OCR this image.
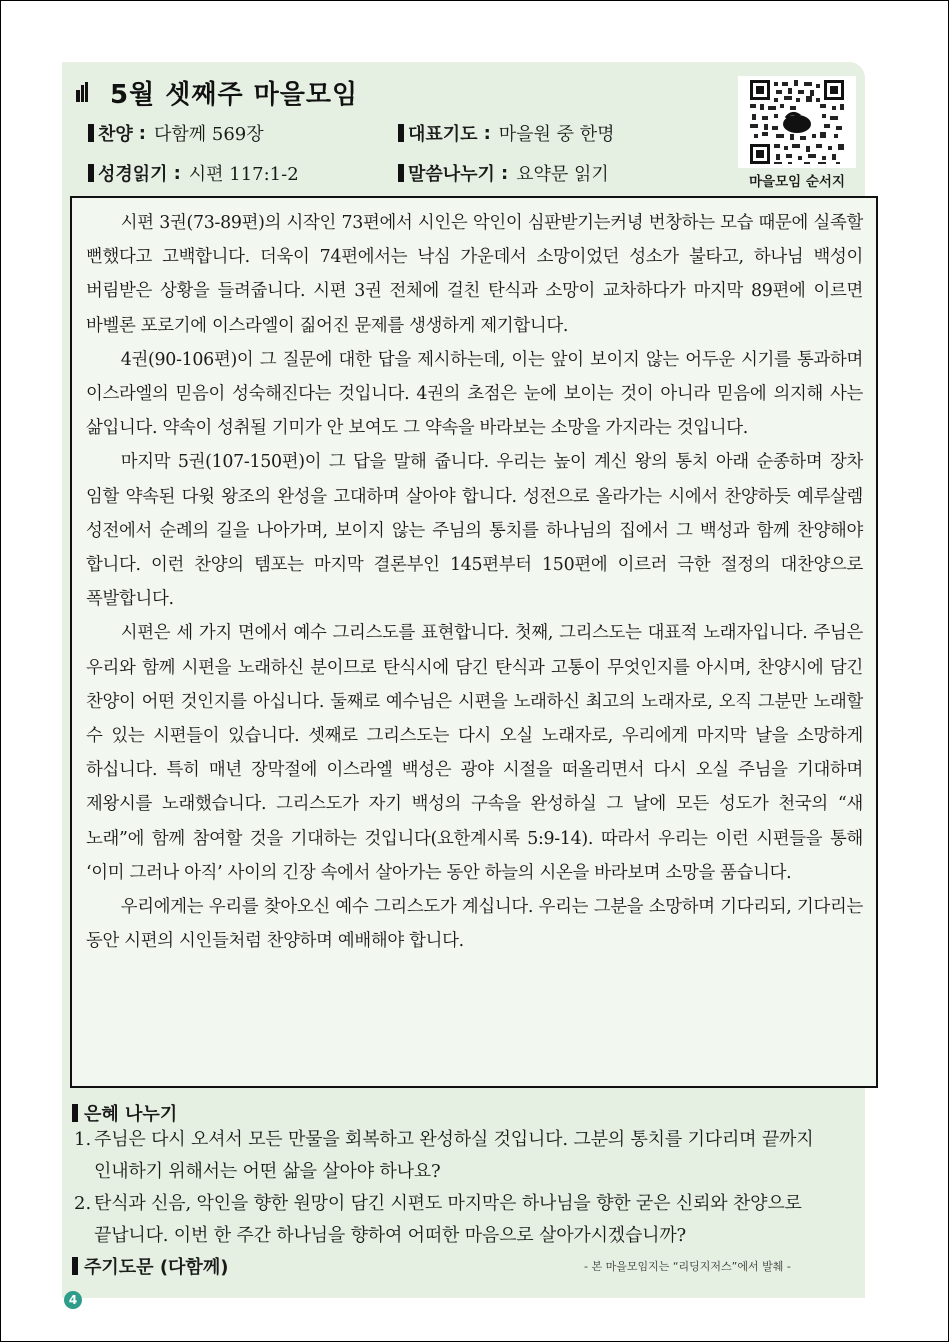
5월 셋째주 마을모임
찬양 : 다함께 569장	대표기도 : 마을원 중 한명
성경읽기 : 시편 117:1-2	말씀나누기 : 요약문 읽기	마을모임 순서지

시편 3권(73-89편)의 시작인 73편에서 시인은 악인이 심판받기는커녕 번창하는 모습 때문에 실족할 뻔했다고 고백합니다. 더욱이 74편에서는 낙심 가운데서 소망이었던 성소가 불타고, 하나님 백성이 버림받은 상황을 들려줍니다. 시편 3권 전체에 걸친 탄식과 소망이 교차하다가 마지막 89편에 이르면 바벨론 포로기에 이스라엘이 짊어진 문제를 생생하게 제기합니다.

4권(90-106편)이 그 질문에 대한 답을 제시하는데, 이는 앞이 보이지 않는 어두운 시기를 통과하며 이스라엘의 믿음이 성숙해진다는 것입니다. 4권의 초점은 눈에 보이는 것이 아니라 믿음에 의지해 사는 삶입니다. 약속이 성취될 기미가 안 보여도 그 약속을 바라보는 소망을 가지라는 것입니다.

마지막 5권(107-150편)이 그 답을 말해 줍니다. 우리는 높이 계신 왕의 통치 아래 순종하며 장차 임할 약속된 다윗 왕조의 완성을 고대하며 살아야 합니다. 성전으로 올라가는 시에서 찬양하듯 예루살렘 성전에서 순례의 길을 나아가며, 보이지 않는 주님의 통치를 하나님의 집에서 그 백성과 함께 찬양해야 합니다. 이런 찬양의 템포는 마지막 결론부인 145편부터 150편에 이르러 극한 절정의 대찬양으로 폭발합니다.

시편은 세 가지 면에서 예수 그리스도를 표현합니다. 첫째, 그리스도는 대표적 노래자입니다. 주님은 우리와 함께 시편을 노래하신 분이므로 탄식시에 담긴 탄식과 고통이 무엇인지를 아시며, 찬양시에 담긴 찬양이 어떤 것인지를 아십니다. 둘째로 예수님은 시편을 노래하신 최고의 노래자로, 오직 그분만 노래할 수 있는 시편들이 있습니다. 셋째로 그리스도는 다시 오실 노래자로, 우리에게 마지막 날을 소망하게 하십니다. 특히 매년 장막절에 이스라엘 백성은 광야 시절을 떠올리면서 다시 오실 주님을 기대하며 제왕시를 노래했습니다. 그리스도가 자기 백성의 구속을 완성하실 그 날에 모든 성도가 천국의 “새 노래”에 함께 참여할 것을 기대하는 것입니다(요한계시록 5:9-14). 따라서 우리는 이런 시편들을 통해 ‘이미 그러나 아직’ 사이의 긴장 속에서 살아가는 동안 하늘의 시온을 바라보며 소망을 품습니다.

우리에게는 우리를 찾아오신 예수 그리스도가 계십니다. 우리는 그분을 소망하며 기다리되, 기다리는 동안 시편의 시인들처럼 찬양하며 예배해야 합니다.

은혜 나누기
1. 주님은 다시 오셔서 모든 만물을 회복하고 완성하실 것입니다. 그분의 통치를 기다리며 끝까지 인내하기 위해서는 어떤 삶을 살아야 하나요?
2. 탄식과 신음, 악인을 향한 원망이 담긴 시편도 마지막은 하나님을 향한 굳은 신뢰와 찬양으로 끝납니다. 이번 한 주간 하나님을 향하여 어떠한 마음으로 살아가시겠습니까?
주기도문 (다함께)	- 본 마을모임지는 “리딩지저스”에서 발췌 -
4
